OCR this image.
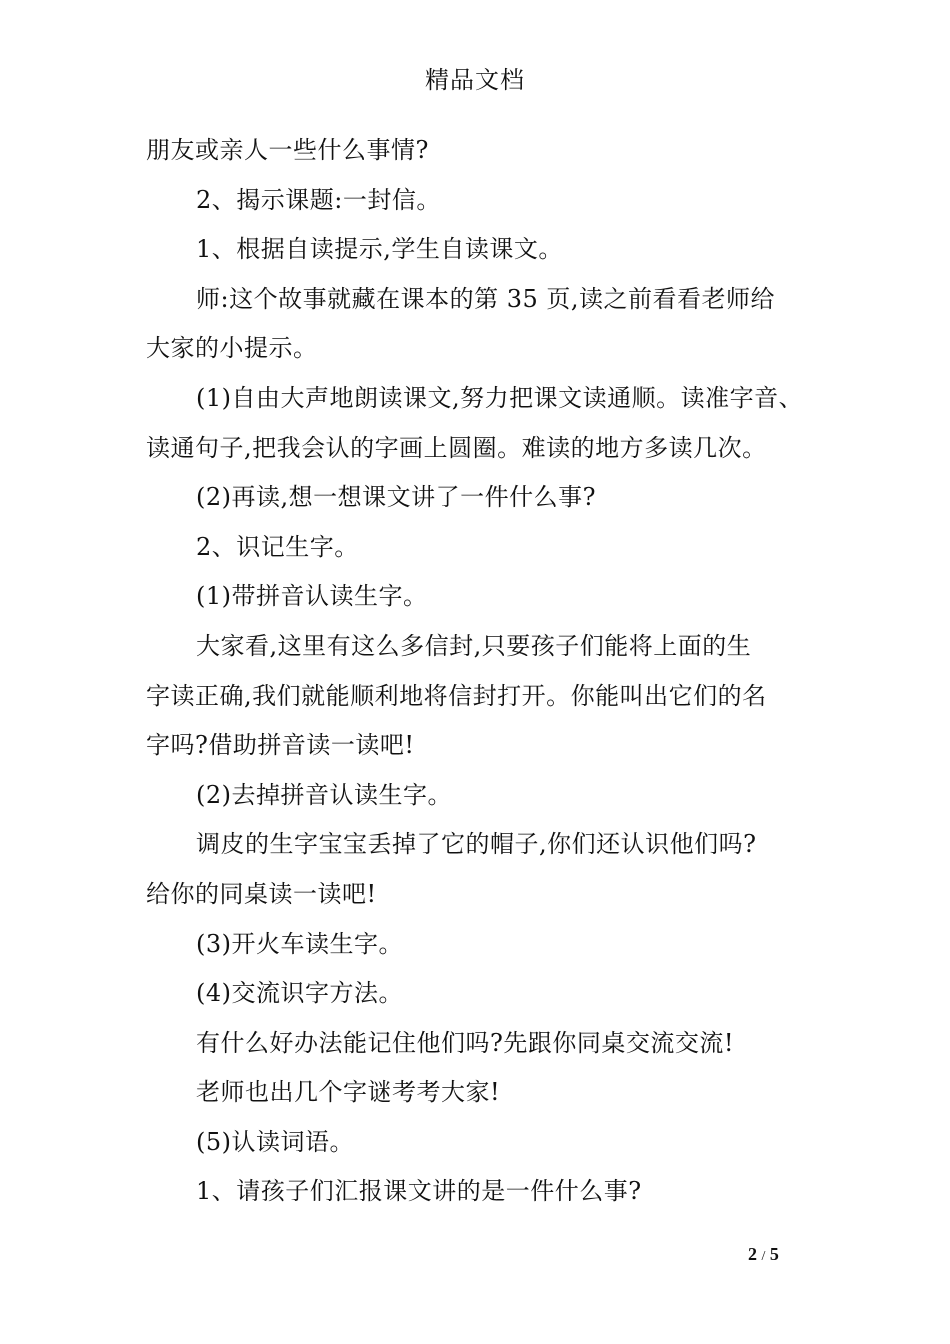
精品文档
朋友或亲人一些什么事情?
2、揭示课题:一封信。
1、根据自读提示,学生自读课文。
师:这个故事就藏在课本的第 35 页,读之前看看老师给
大家的小提示。
(1)自由大声地朗读课文,努力把课文读通顺。读准字音、
读通句子,把我会认的字画上圆圈。难读的地方多读几次。
(2)再读,想一想课文讲了一件什么事?
2、识记生字。
(1)带拼音认读生字。
大家看,这里有这么多信封,只要孩子们能将上面的生
字读正确,我们就能顺利地将信封打开。你能叫出它们的名
字吗?借助拼音读一读吧!
(2)去掉拼音认读生字。
调皮的生字宝宝丢掉了它的帽子,你们还认识他们吗?
给你的同桌读一读吧!
(3)开火车读生字。
(4)交流识字方法。
有什么好办法能记住他们吗?先跟你同桌交流交流!
老师也出几个字谜考考大家!
(5)认读词语。
1、请孩子们汇报课文讲的是一件什么事?
2 / 5
